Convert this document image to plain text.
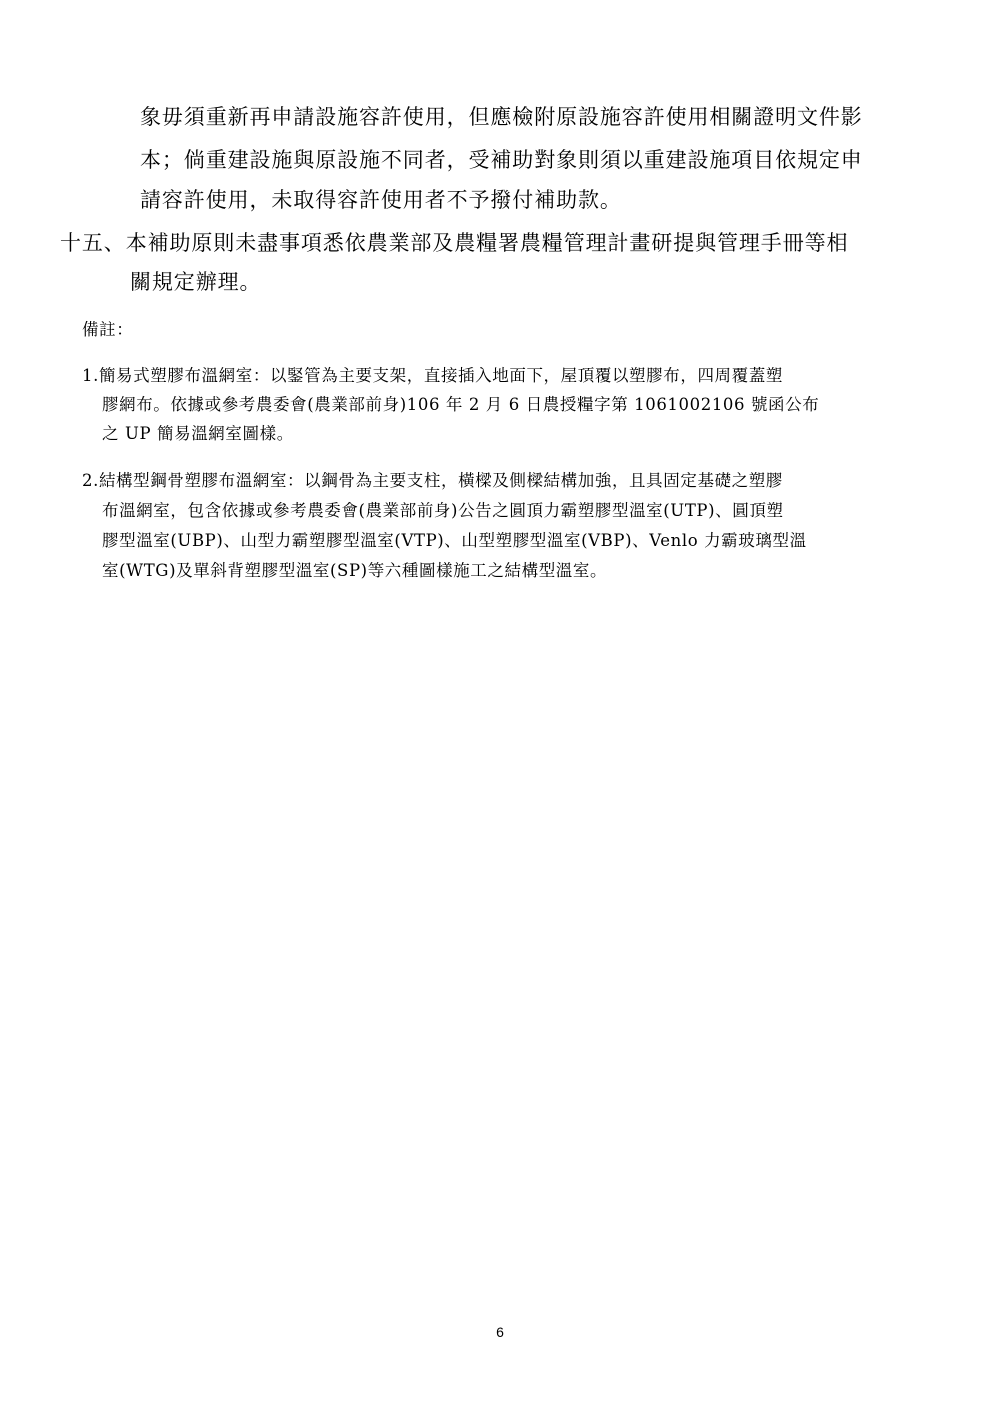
象毋須重新再申請設施容許使用，但應檢附原設施容許使用相關證明文件影
本；倘重建設施與原設施不同者，受補助對象則須以重建設施項目依規定申
請容許使用，未取得容許使用者不予撥付補助款。
十五、本補助原則未盡事項悉依農業部及農糧署農糧管理計畫研提與管理手冊等相
關規定辦理。
備註：
1.簡易式塑膠布溫網室：以鋻管為主要支架，直接插入地面下，屋頂覆以塑膠布，四周覆蓋塑
膠網布。依據或參考農委會(農業部前身)106 年 2 月 6 日農授糧字第 1061002106 號函公布
之 UP 簡易溫網室圖樣。
2.結構型鋼骨塑膠布溫網室：以鋼骨為主要支柱，橫樑及側樑結構加強，且具固定基礎之塑膠
布溫網室，包含依據或參考農委會(農業部前身)公告之圓頂力霸塑膠型溫室(UTP)、圓頂塑
膠型溫室(UBP)、山型力霸塑膠型溫室(VTP)、山型塑膠型溫室(VBP)、Venlo 力霸玻璃型溫
室(WTG)及單斜背塑膠型溫室(SP)等六種圖樣施工之結構型溫室。
6
